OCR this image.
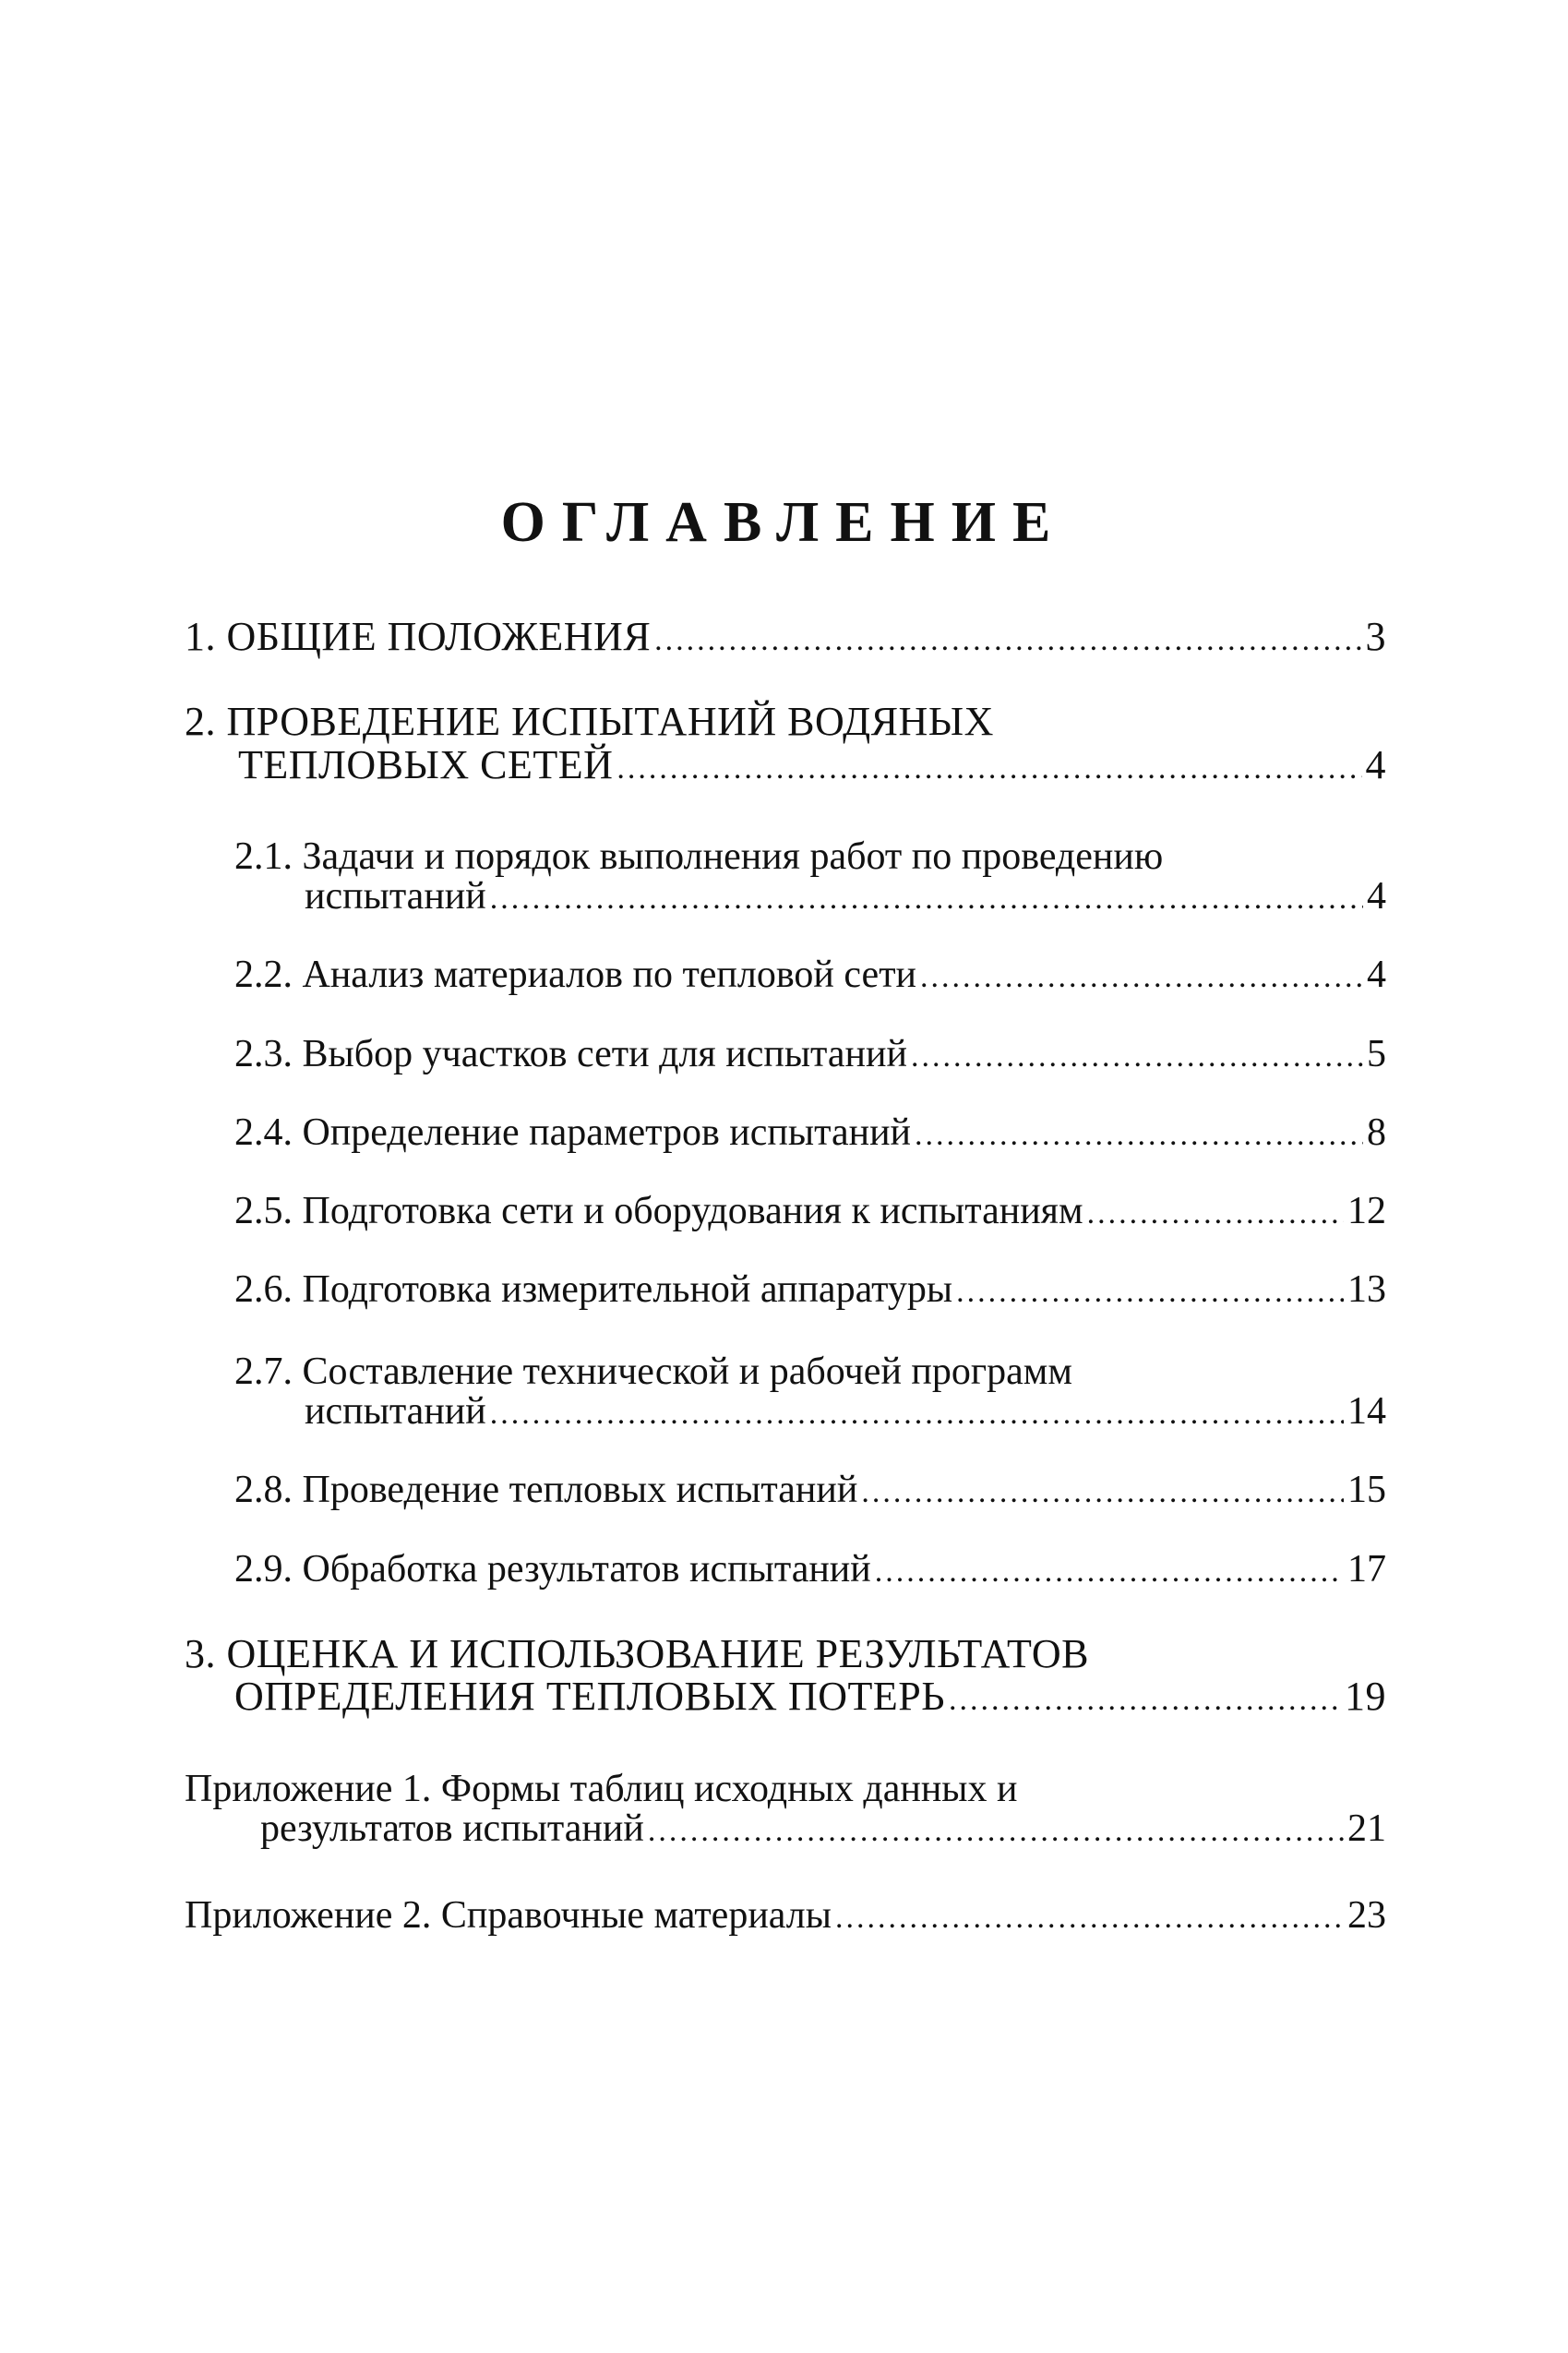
ОГЛАВЛЕНИЕ
1. ОБЩИЕ ПОЛОЖЕНИЯ .....	3
2. ПРОВЕДЕНИЕ ИСПЫТАНИЙ ВОДЯНЫХ
ТЕПЛОВЫХ СЕТЕЙ .....	4
2.1. Задачи и порядок выполнения работ по проведению
испытаний .....	4
2.2. Анализ материалов по тепловой сети .....	4
2.3. Выбор участков сети для испытаний .....	5
2.4. Определение параметров испытаний .....	8
2.5. Подготовка сети и оборудования к испытаниям .....	12
2.6. Подготовка измерительной аппаратуры .....	13
2.7. Составление технической и рабочей программ
испытаний .....	14
2.8. Проведение тепловых испытаний .....	15
2.9. Обработка результатов испытаний .....	17
3. ОЦЕНКА И ИСПОЛЬЗОВАНИЕ РЕЗУЛЬТАТОВ
ОПРЕДЕЛЕНИЯ ТЕПЛОВЫХ ПОТЕРЬ .....	19
Приложение 1. Формы таблиц исходных данных и
результатов испытаний .....	21
Приложение 2. Справочные материалы .....	23
